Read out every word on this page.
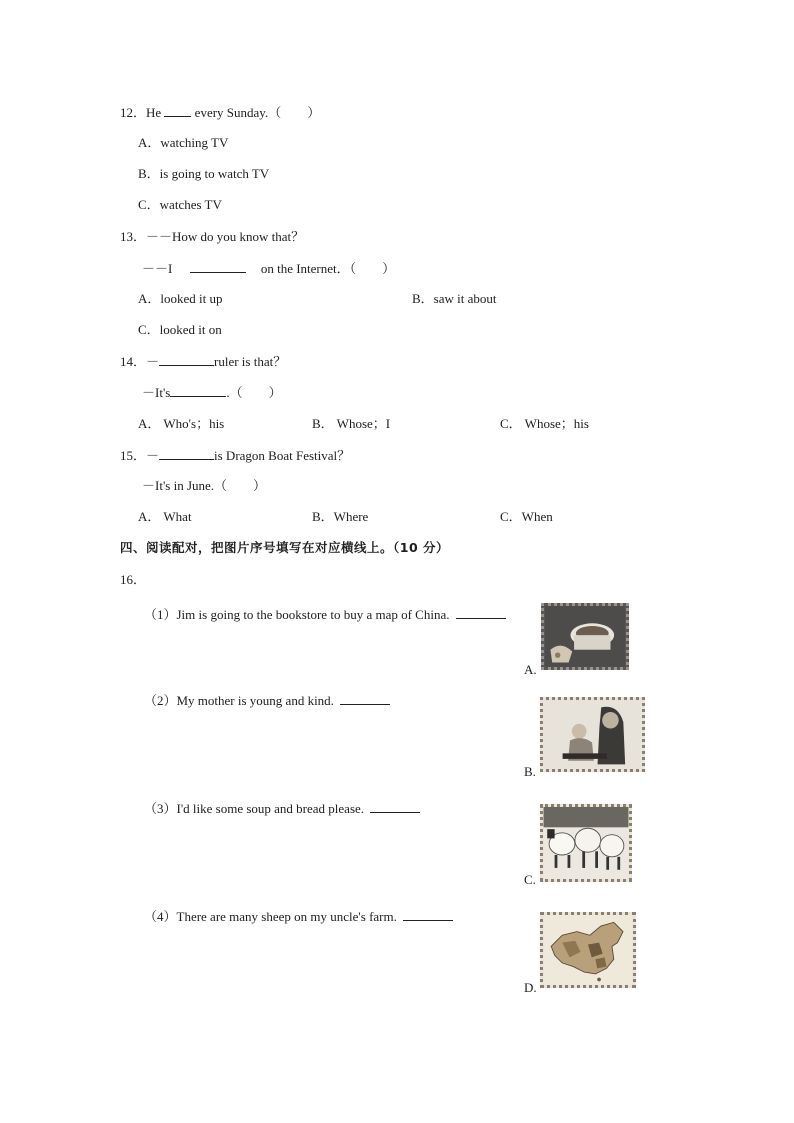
12．He	every Sunday.（　　）
A．watching TV
B．is going to watch TV
C．watches TV
13．－－How do you know that？
－－I	on the Internet．（　　）
A．looked it up	B．saw it about
C．looked it on
14．－	ruler is that？
－It's	.（　　）
A． Who's；his	B． Whose；I	C． Whose；his
15．－	is Dragon Boat Festival？
－It's in June.（　　）
A． What	B．Where	C．When
四、阅读配对，把图片序号填写在对应横线上。（10 分）
16．
（1）Jim is going to the bookstore to buy a map of China.
（2）My mother is young and kind.
（3）I'd like some soup and bread please.
（4）There are many sheep on my uncle's farm.
A.
B.
C.
D.
